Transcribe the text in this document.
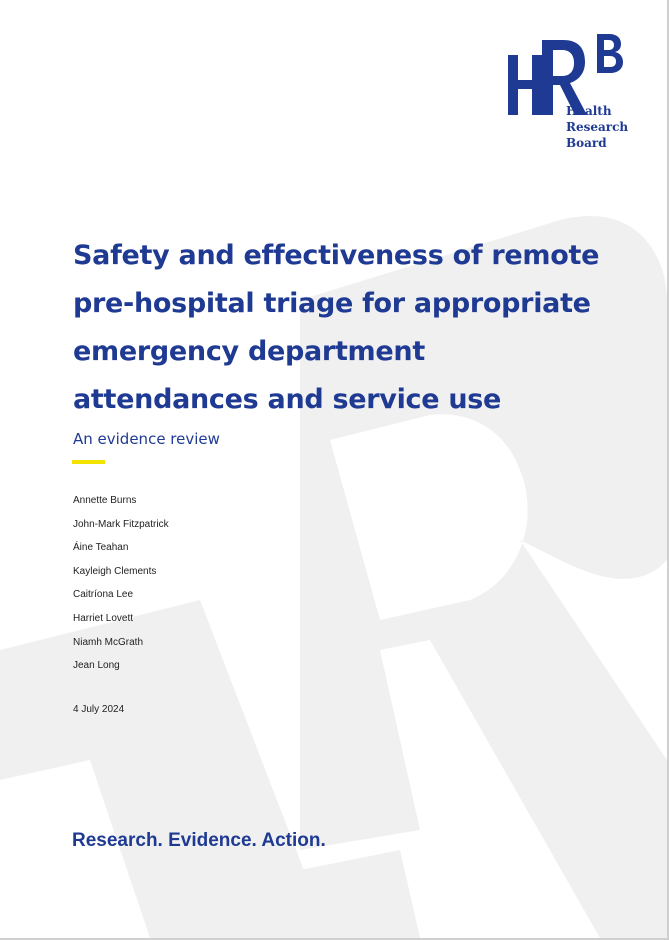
Health
Research
Board
Safety and effectiveness of remote
pre-hospital triage for appropriate
emergency department
attendances and service use
An evidence review
Annette Burns
John-Mark Fitzpatrick
Áine Teahan
Kayleigh Clements
Caitríona Lee
Harriet Lovett
Niamh McGrath
Jean Long
4 July 2024
Research. Evidence. Action.
